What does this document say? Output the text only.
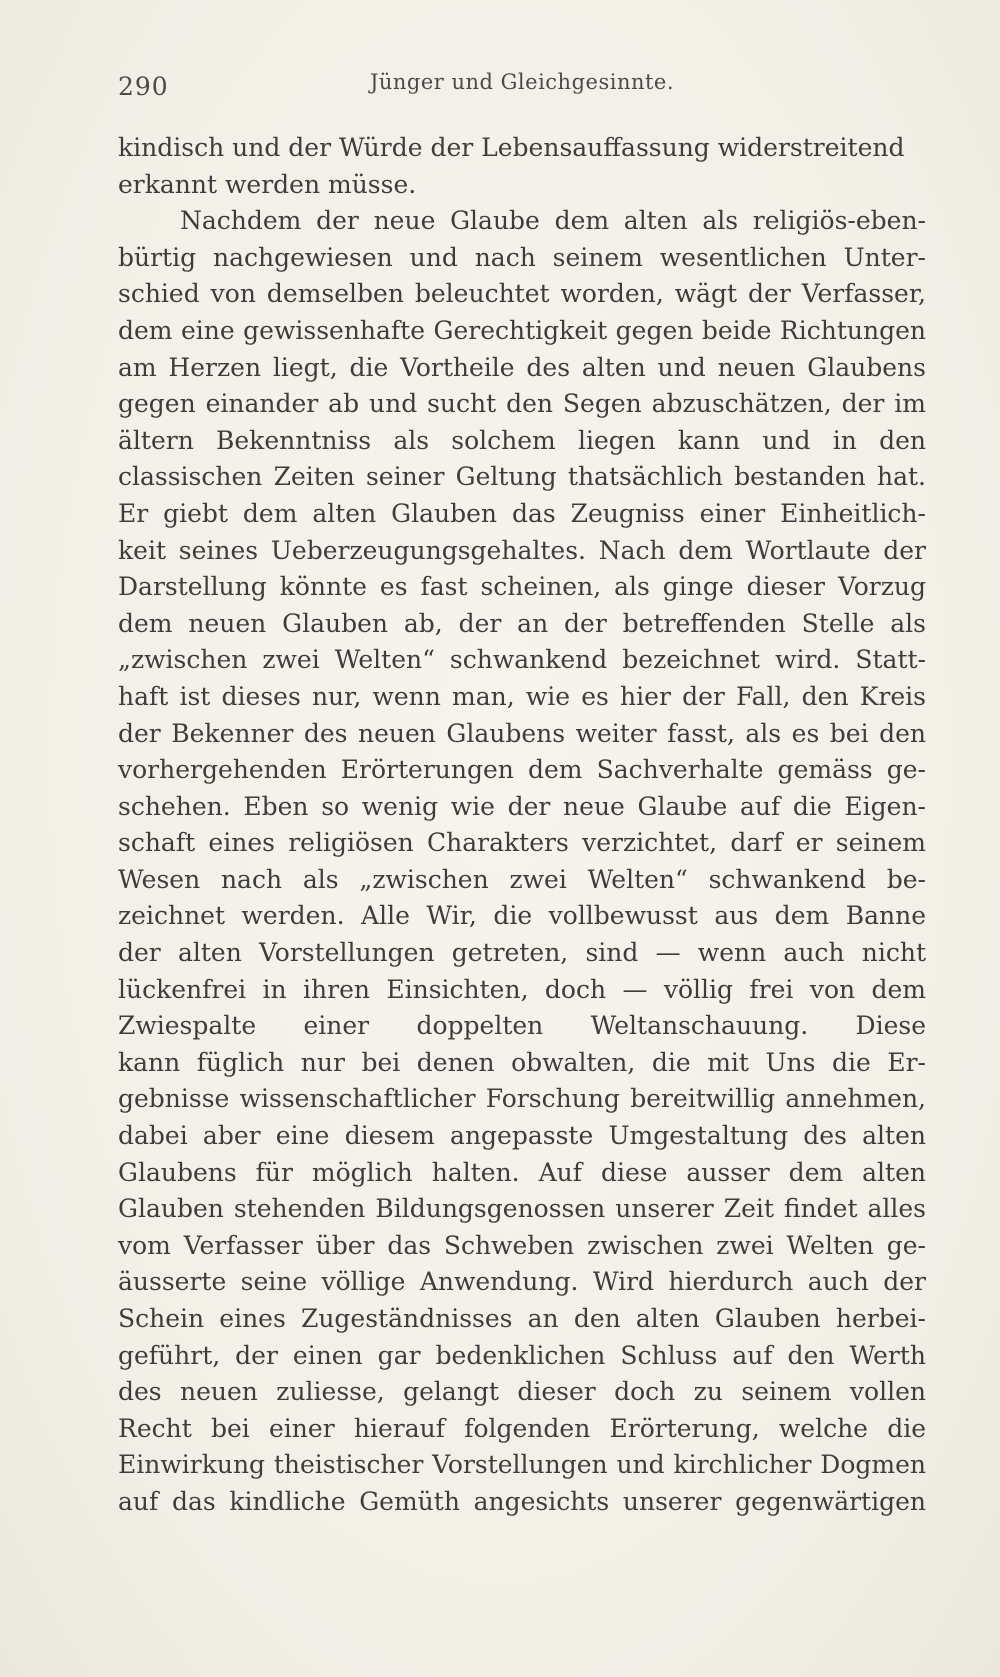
290	Jünger und Gleichgesinnte.
kindisch und der Würde der Lebensauffassung widerstreitend
erkannt werden müsse.
Nachdem der neue Glaube dem alten als religiös-eben-
bürtig nachgewiesen und nach seinem wesentlichen Unter-
schied von demselben beleuchtet worden, wägt der Verfasser,
dem eine gewissenhafte Gerechtigkeit gegen beide Richtungen
am Herzen liegt, die Vortheile des alten und neuen Glaubens
gegen einander ab und sucht den Segen abzuschätzen, der im
ältern Bekenntniss als solchem liegen kann und in den
classischen Zeiten seiner Geltung thatsächlich bestanden hat.
Er giebt dem alten Glauben das Zeugniss einer Einheitlich-
keit seines Ueberzeugungsgehaltes. Nach dem Wortlaute der
Darstellung könnte es fast scheinen, als ginge dieser Vorzug
dem neuen Glauben ab, der an der betreffenden Stelle als
„zwischen zwei Welten“ schwankend bezeichnet wird. Statt-
haft ist dieses nur, wenn man, wie es hier der Fall, den Kreis
der Bekenner des neuen Glaubens weiter fasst, als es bei den
vorhergehenden Erörterungen dem Sachverhalte gemäss ge-
schehen. Eben so wenig wie der neue Glaube auf die Eigen-
schaft eines religiösen Charakters verzichtet, darf er seinem
Wesen nach als „zwischen zwei Welten“ schwankend be-
zeichnet werden. Alle Wir, die vollbewusst aus dem Banne
der alten Vorstellungen getreten, sind — wenn auch nicht
lückenfrei in ihren Einsichten, doch — völlig frei von dem
Zwiespalte einer doppelten Weltanschauung. Diese
kann füglich nur bei denen obwalten, die mit Uns die Er-
gebnisse wissenschaftlicher Forschung bereitwillig annehmen,
dabei aber eine diesem angepasste Umgestaltung des alten
Glaubens für möglich halten. Auf diese ausser dem alten
Glauben stehenden Bildungsgenossen unserer Zeit findet alles
vom Verfasser über das Schweben zwischen zwei Welten ge-
äusserte seine völlige Anwendung. Wird hierdurch auch der
Schein eines Zugeständnisses an den alten Glauben herbei-
geführt, der einen gar bedenklichen Schluss auf den Werth
des neuen zuliesse, gelangt dieser doch zu seinem vollen
Recht bei einer hierauf folgenden Erörterung, welche die
Einwirkung theistischer Vorstellungen und kirchlicher Dogmen
auf das kindliche Gemüth angesichts unserer gegenwärtigen
